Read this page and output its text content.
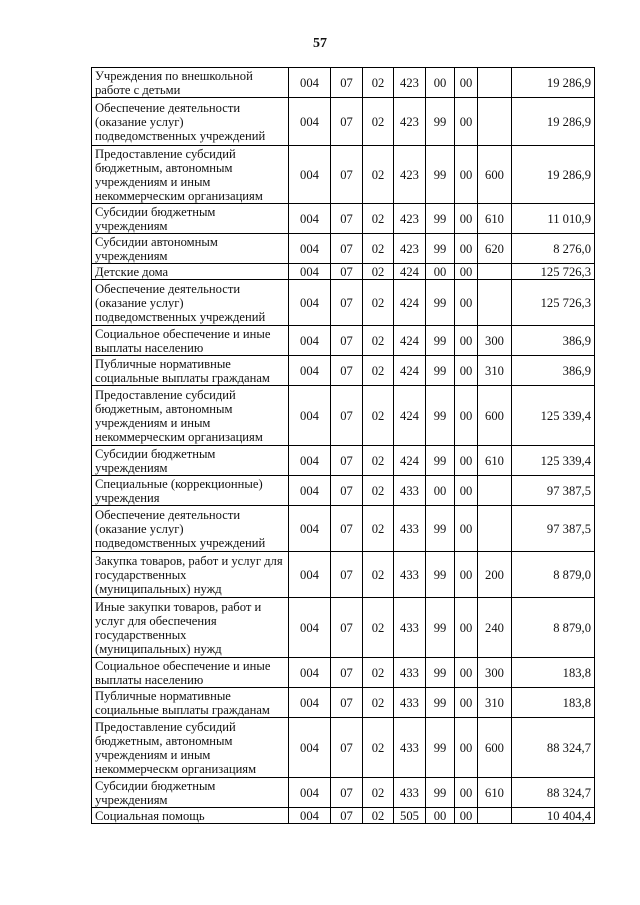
57
Учреждения по внешкольной работе с детьми	004	07	02	423	00	00		19 286,9
Обеспечение деятельности (оказание услуг) подведомственных учреждений	004	07	02	423	99	00		19 286,9
Предоставление субсидий бюджетным, автономным учреждениям и иным некоммерческим организациям	004	07	02	423	99	00	600	19 286,9
Субсидии бюджетным учреждениям	004	07	02	423	99	00	610	11 010,9
Субсидии автономным учреждениям	004	07	02	423	99	00	620	8 276,0
Детские дома	004	07	02	424	00	00		125 726,3
Обеспечение деятельности (оказание услуг) подведомственных учреждений	004	07	02	424	99	00		125 726,3
Социальное обеспечение и иные выплаты населению	004	07	02	424	99	00	300	386,9
Публичные нормативные социальные выплаты гражданам	004	07	02	424	99	00	310	386,9
Предоставление субсидий бюджетным, автономным учреждениям и иным некоммерческим организациям	004	07	02	424	99	00	600	125 339,4
Субсидии бюджетным учреждениям	004	07	02	424	99	00	610	125 339,4
Специальные (коррекционные) учреждения	004	07	02	433	00	00		97 387,5
Обеспечение деятельности (оказание услуг) подведомственных учреждений	004	07	02	433	99	00		97 387,5
Закупка товаров, работ и услуг для государственных (муниципальных) нужд	004	07	02	433	99	00	200	8 879,0
Иные закупки товаров, работ и услуг для обеспечения государственных (муниципальных) нужд	004	07	02	433	99	00	240	8 879,0
Социальное обеспечение и иные выплаты населению	004	07	02	433	99	00	300	183,8
Публичные нормативные социальные выплаты гражданам	004	07	02	433	99	00	310	183,8
Предоставление субсидий бюджетным, автономным учреждениям и иным некоммерческм организациям	004	07	02	433	99	00	600	88 324,7
Субсидии бюджетным учреждениям	004	07	02	433	99	00	610	88 324,7
Социальная помощь	004	07	02	505	00	00		10 404,4
